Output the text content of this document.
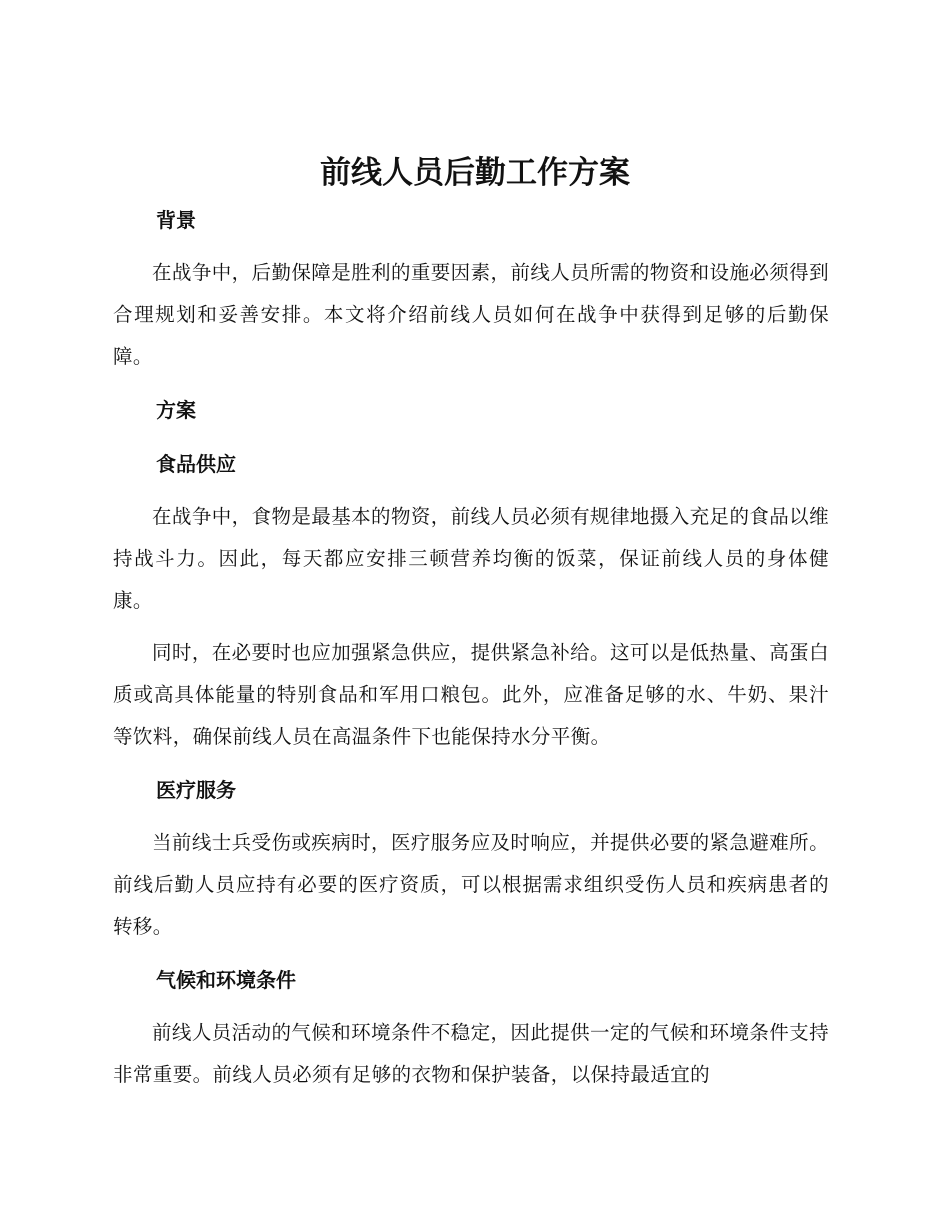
前线人员后勤工作方案
背景

在战争中，后勤保障是胜利的重要因素，前线人员所需的物资和设施必须得到合理规划和妥善安排。本文将介绍前线人员如何在战争中获得到足够的后勤保障。

方案
食品供应

在战争中，食物是最基本的物资，前线人员必须有规律地摄入充足的食品以维持战斗力。因此，每天都应安排三顿营养均衡的饭菜，保证前线人员的身体健康。

同时，在必要时也应加强紧急供应，提供紧急补给。这可以是低热量、高蛋白质或高具体能量的特别食品和军用口粮包。此外，应准备足够的水、牛奶、果汁等饮料，确保前线人员在高温条件下也能保持水分平衡。

医疗服务

当前线士兵受伤或疾病时，医疗服务应及时响应，并提供必要的紧急避难所。前线后勤人员应持有必要的医疗资质，可以根据需求组织受伤人员和疾病患者的转移。

气候和环境条件

前线人员活动的气候和环境条件不稳定，因此提供一定的气候和环境条件支持非常重要。前线人员必须有足够的衣物和保护装备，以保持最适宜的
